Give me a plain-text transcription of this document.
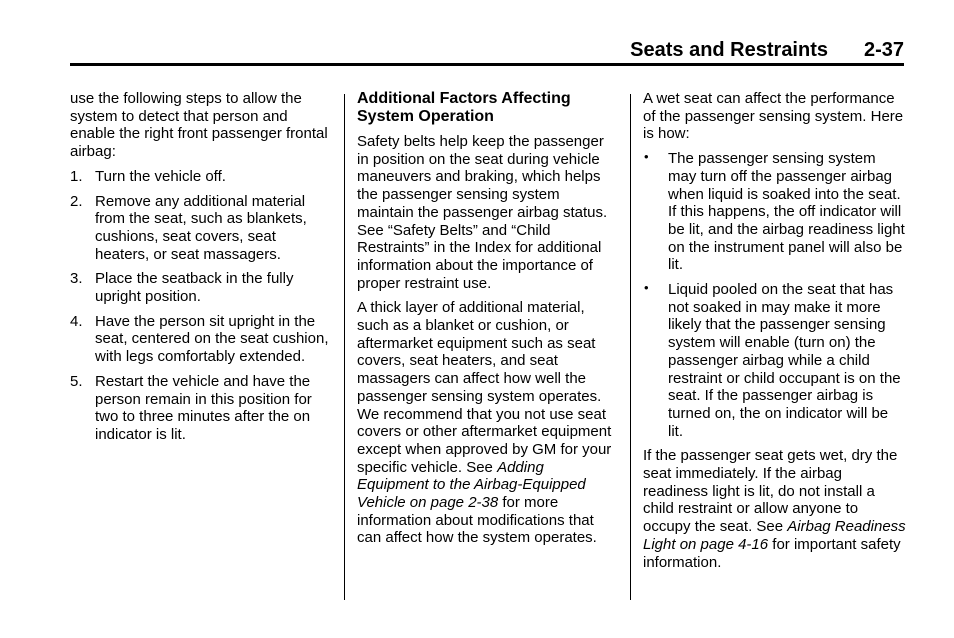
Seats and Restraints 2-37

use the following steps to allow the system to detect that person and enable the right front passenger frontal airbag:

1. Turn the vehicle off.
2. Remove any additional material from the seat, such as blankets, cushions, seat covers, seat heaters, or seat massagers.
3. Place the seatback in the fully upright position.
4. Have the person sit upright in the seat, centered on the seat cushion, with legs comfortably extended.
5. Restart the vehicle and have the person remain in this position for two to three minutes after the on indicator is lit.
Additional Factors Affecting System Operation

Safety belts help keep the passenger in position on the seat during vehicle maneuvers and braking, which helps the passenger sensing system maintain the passenger airbag status. See “Safety Belts” and “Child Restraints” in the Index for additional information about the importance of proper restraint use.

A thick layer of additional material, such as a blanket or cushion, or aftermarket equipment such as seat covers, seat heaters, and seat massagers can affect how well the passenger sensing system operates. We recommend that you not use seat covers or other aftermarket equipment except when approved by GM for your specific vehicle. See Adding Equipment to the Airbag-Equipped Vehicle on page 2-38 for more information about modifications that can affect how the system operates.

A wet seat can affect the performance of the passenger sensing system. Here is how:

• The passenger sensing system may turn off the passenger airbag when liquid is soaked into the seat. If this happens, the off indicator will be lit, and the airbag readiness light on the instrument panel will also be lit.
• Liquid pooled on the seat that has not soaked in may make it more likely that the passenger sensing system will enable (turn on) the passenger airbag while a child restraint or child occupant is on the seat. If the passenger airbag is turned on, the on indicator will be lit.

If the passenger seat gets wet, dry the seat immediately. If the airbag readiness light is lit, do not install a child restraint or allow anyone to occupy the seat. See Airbag Readiness Light on page 4-16 for important safety information.
